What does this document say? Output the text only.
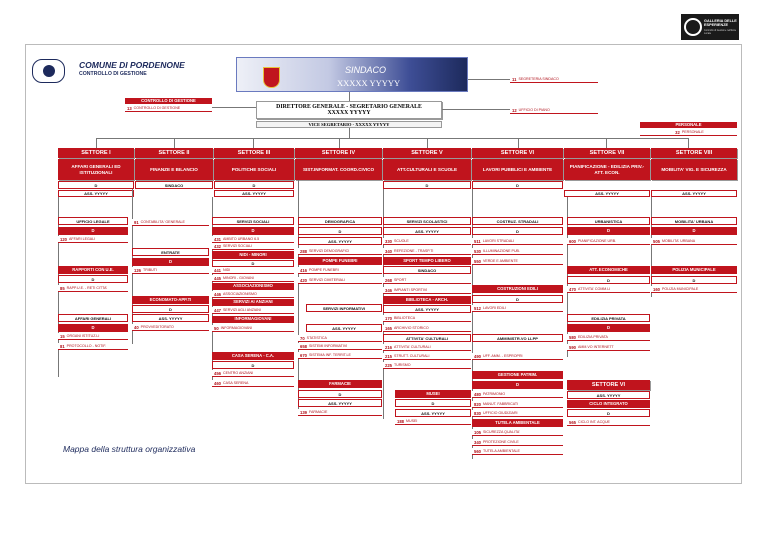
GALLERIA DELLE ESPERIENZE
Controllo di Gestione nell'Ente Locale
COMUNE DI PORDENONE
CONTROLLO DI GESTIONE	SINDACO
XXXXX YYYYY	11 SEGRETERIA SINDACO
CONTROLLO DI GESTIONE
13 CONTROLLO DI GESTIONE	DIRETTORE GENERALE - SEGRETARIO GENERALE
XXXXX YYYYY	12 UFFICIO DI PIANO
VICE SEGRETARIO - XXXXX YYYYY	PERSONALE
32 PERSONALE
SETTORE I
AFFARI GENERALI ED ISTITUZIONALI
D
ASS. YYYYY
SETTORE II
FINANZE E BILANCIO
SINDACO
SETTORE III
POLITICHE SOCIALI
D
ASS. YYYYY
SETTORE IV
SIST.INFORMAT. COORD.CIVICO
SETTORE V
ATT.CULTURALI E SCUOLE
D
SETTORE VI
LAVORI PUBBLICI E AMBIENTE
D
SETTORE VII
PIANIFICAZIONE - EDILIZIA PRIV.- ATT. ECON.
ASS. YYYYY
SETTORE VIII
MOBILITA' VIG. E SICUREZZA
ASS. YYYYY
UFFICIO LEGALE
D
120 AFFARI LEGALI
RAPPORTI CON U.E.
D
85 RAPP.U.E. - RETI CITTA'
AFFARI GENERALI
D
15 ORGANI ISTITUZ.LI
81 PROTOCOLLO - NOTIF.
91 CONTABILITA' GENERALE
ENTRATE
D
126 TRIBUTI
ECONOMATO-APP.TI
D
ASS. YYYYY
40 PROVVEDITORATO
SERVIZI SOCIALI
D
431 AMBITO URBANO 6.5
432 SERVIZI SOCIALI
NIDI - MINORI
D
441 NIDI
445 MINORI - GIOVANI
ASSOCIAZIONISMO
446 ASSOCIAZIONISMO
SERVIZI AI ANZIANI
447 SERVIZI AGLI ANZIANI
INFORMAGIOVANI
50 INFORMAGIOVANI
CASA SERENA - C.A.
D
456 CENTRO ANZIANI
460 CASA SERENA
DEMOGRAFICA
D
ASS. YYYYY
288 SERVIZI DEMOGRAFICI
POMPE FUNEBRI
416 POMPE FUNEBRI
420 SERVIZI CIMITERIALI
SERVIZI INFORMATIVI
ASS. YYYYY
70 STATISTICA
658 SISTEMI INFORMATIVI
670 SISTEMA INF. TERRIT.LE
FARMACIE
D
ASS. YYYYY
139 FARMACIE
SERVIZI SCOLASTICI
ASS. YYYYY
330 SCUOLE
340 REFEZIONE - TRASP.TI
SPORT TEMPO LIBERO
SINDACO
268 SPORT
346 IMPIANTI SPORTIVI
BIBLIOTECA - ARCH.
ASS. YYYYY
170 BIBLIOTECA
165 ARCHIVIO STORICO
ATTIVITA' CULTURALI
216 ATTIVITA' CULTURALI
215 STRUTT. CULTURALI
225 TURISMO
MUSEI
D
ASS. YYYYY
188 MUSEI
COSTRUZ. STRADALI
D
511 LAVORI STRADALI
530 ILLUMINAZIONE PUB.
550 VERDE E AMBIENTE
COSTRUZIONI EDILI
D
512 LAVORI EDILI
AMMINISTR.VO LLPP
490 UFF. AMM. - ESPROPRI
GESTIONE PATRIM.
D
480 PATRIMONIO
820 MANUT. FABBRICATI
830 UFFICIO GIUDIZIARI
TUTELA AMBIENTALE
105 SICUREZZA QUALITA'
340 PROTEZIONE CIVILE
560 TUTELA AMBIENTALE
URBANISTICA
D
600 PIANIFICAZIONE URB.
ATT. ECONOMICHE
D
470 ATTIVITA' COMM.LI
EDILIZIA PRIVATA
D
580 EDILIZIA PRIVATA
590 AMM.VO INTERNETT
MOBILITA' URBANA
D
505 MOBILITA' URBANA
POLIZIA MUNICIPALE
D
160 POLIZIA MUNICIPALE
SETTORE VI
ASS. YYYYY
CICLO INTEGRATO
D
565 CICLO INT. ACQUE
Mappa della struttura organizzativa
